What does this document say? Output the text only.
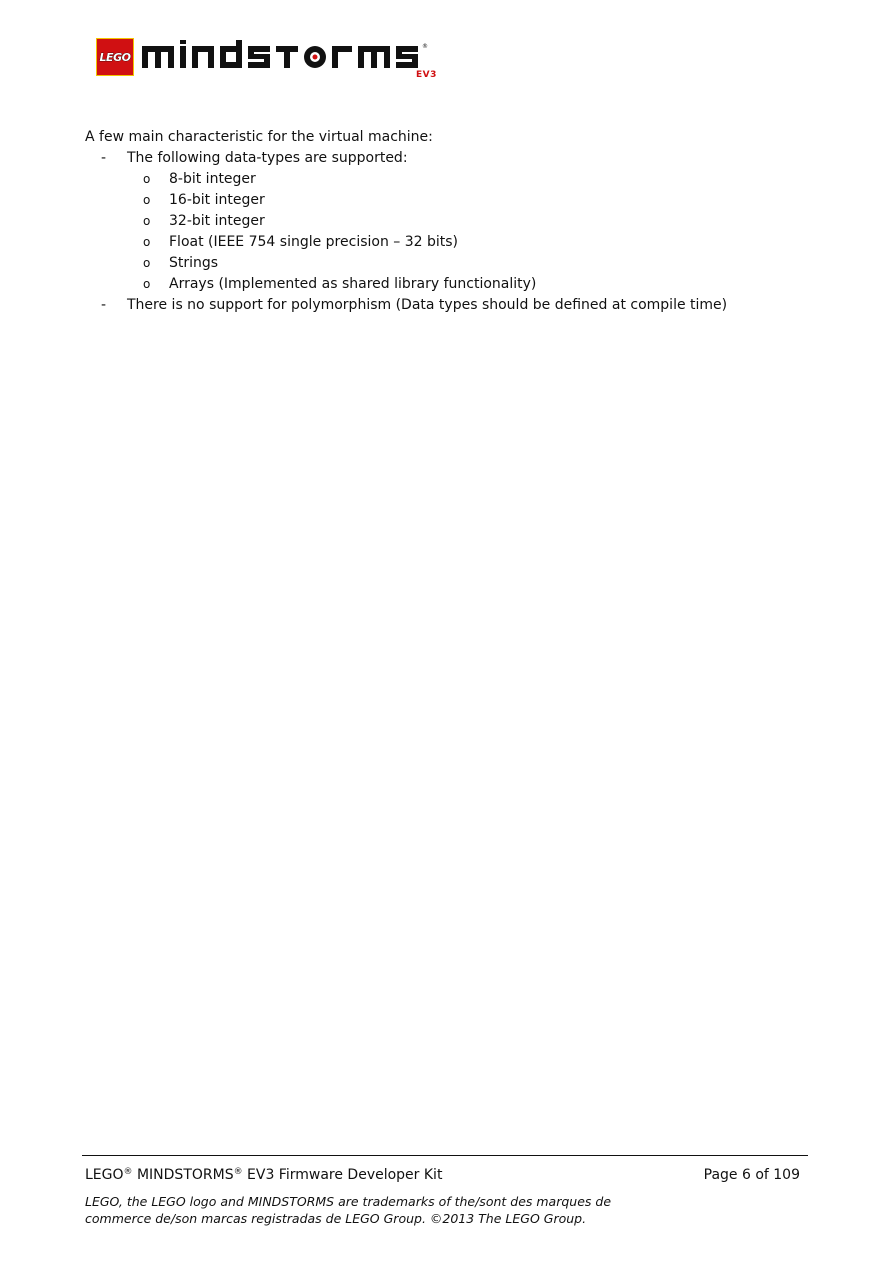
LEGO
®
EV3

A few main characteristic for the virtual machine:

- The following data-types are supported:
o 8-bit integer
o 16-bit integer
o 32-bit integer
o Float (IEEE 754 single precision – 32 bits)
o Strings
o Arrays (Implemented as shared library functionality)
- There is no support for polymorphism (Data types should be defined at compile time)
LEGO® MINDSTORMS® EV3 Firmware Developer Kit	Page 6 of 109
LEGO, the LEGO logo and MINDSTORMS are trademarks of the/sont des marques de
commerce de/son marcas registradas de LEGO Group. ©2013 The LEGO Group.
